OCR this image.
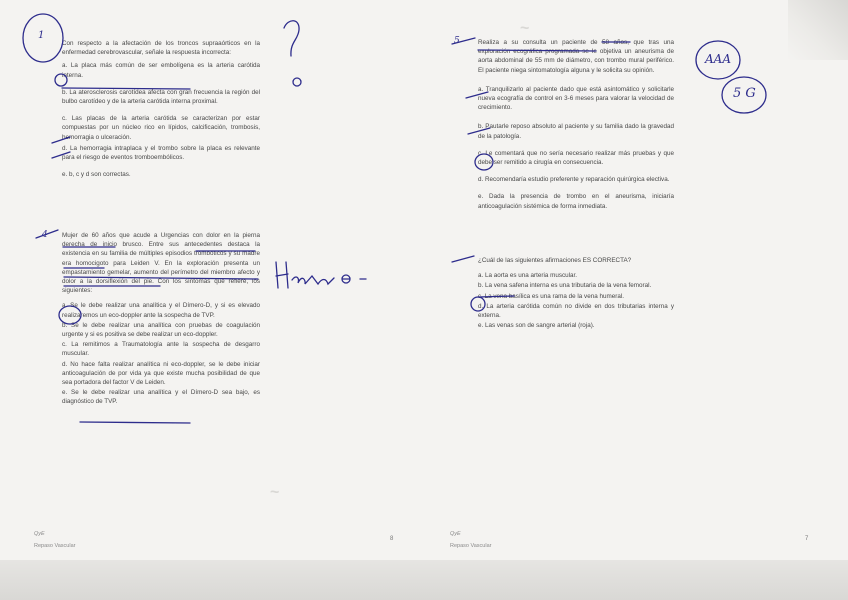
Con respecto a la afectación de los troncos supraaórticos en la enfermedad cerebrovascular, señale la respuesta incorrecta:
a. La placa más común de ser embolígena es la arteria carótida interna.
b. La aterosclerosis carotídea afecta con gran frecuencia la región del bulbo carotídeo y de la arteria carótida interna proximal.
c. Las placas de la arteria carótida se caracterizan por estar compuestas por un núcleo rico en lípidos, calcificación, trombosis, hemorragia o ulceración.
d. La hemorragia intraplaca y el trombo sobre la placa es relevante para el riesgo de eventos tromboembólicos.
e. b, c y d son correctas.
Mujer de 60 años que acude a Urgencias con dolor en la pierna derecha de inicio brusco. Entre sus antecedentes destaca la existencia en su familia de múltiples episodios trombóticos y su madre era homocigoto para Leiden V. En la exploración presenta un empastamiento gemelar, aumento del perímetro del miembro afecto y dolor a la dorsiflexión del pie. Con los síntomas que refiere, los siguientes:
a. Se le debe realizar una analítica y el Dímero-D, y si es elevado realizaremos un eco-doppler ante la sospecha de TVP.
b. Se le debe realizar una analítica con pruebas de coagulación urgente y si es positiva se debe realizar un eco-doppler.
c. La remitimos a Traumatología ante la sospecha de desgarro muscular.
d. No hace falta realizar analítica ni eco-doppler, se le debe iniciar anticoagulación de por vida ya que existe mucha posibilidad de que sea portadora del factor V de Leiden.
e. Se le debe realizar una analítica y el Dímero-D sea bajo, es diagnóstico de TVP.
QyE
Repaso Vascular
8
Realiza a su consulta un paciente de 58 años, que tras una exploración ecográfica programada se le objetiva un aneurisma de aorta abdominal de 55 mm de diámetro, con trombo mural periférico. El paciente niega sintomatología alguna y le solicita su opinión.
a. Tranquilizarlo al paciente dado que está asintomático y solicitarle nueva ecografía de control en 3-6 meses para valorar la velocidad de crecimiento.
b. Pautarle reposo absoluto al paciente y su familia dado la gravedad de la patología.
c. Le comentará que no sería necesario realizar más pruebas y que debe ser remitido a cirugía en consecuencia.
d. Recomendaría estudio preferente y reparación quirúrgica electiva.
e. Dada la presencia de trombo en el aneurisma, iniciaría anticoagulación sistémica de forma inmediata.
¿Cuál de las siguientes afirmaciones ES CORRECTA?
a. La aorta es una arteria muscular.
b. La vena safena interna es una tributaria de la vena femoral.
c. La vena basílica es una rama de la vena humeral.
d. La arteria carótida común no divide en dos tributarias interna y externa.
e. Las venas son de sangre arterial (roja).
QyE
Repaso Vascular
7
~
~
1
4
5
AAA
5 G
